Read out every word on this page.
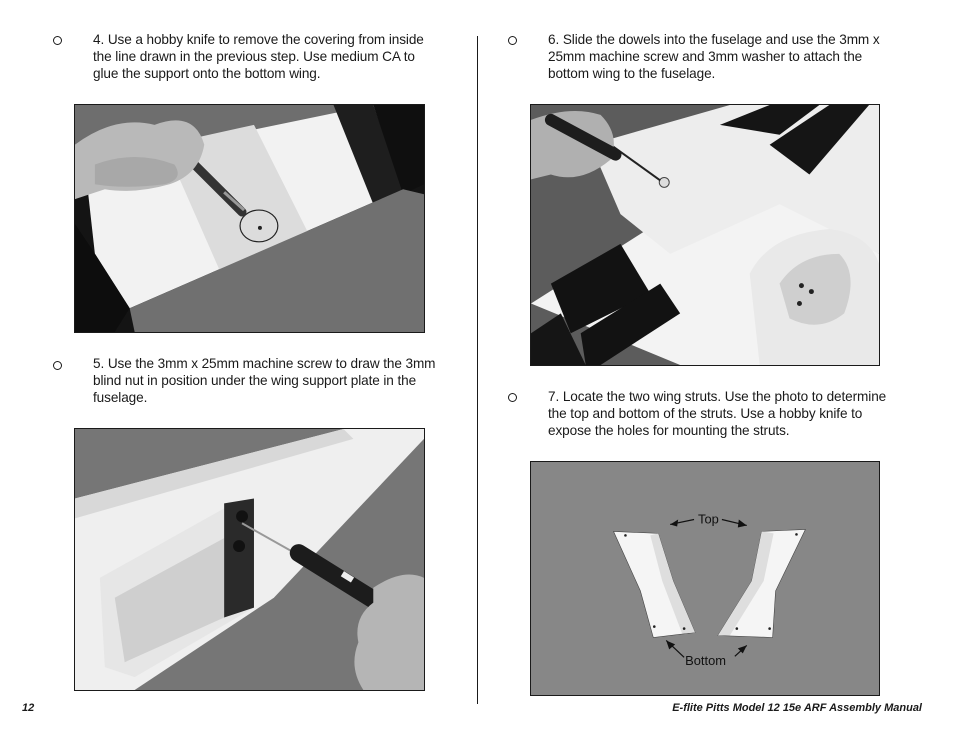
4. Use a hobby knife to remove the covering from inside the line drawn in the previous step. Use medium CA to glue the support onto the bottom wing.
5. Use the 3mm x 25mm machine screw to draw the 3mm blind nut in position under the wing support plate in the fuselage.
6. Slide the dowels into the fuselage and use the 3mm x 25mm machine screw and 3mm washer to attach the bottom wing to the fuselage.
7. Locate the two wing struts. Use the photo to determine the top and bottom of the struts. Use a hobby knife to expose the holes for mounting the struts.
Top
Bottom
12	E-flite Pitts Model 12 15e ARF Assembly Manual
